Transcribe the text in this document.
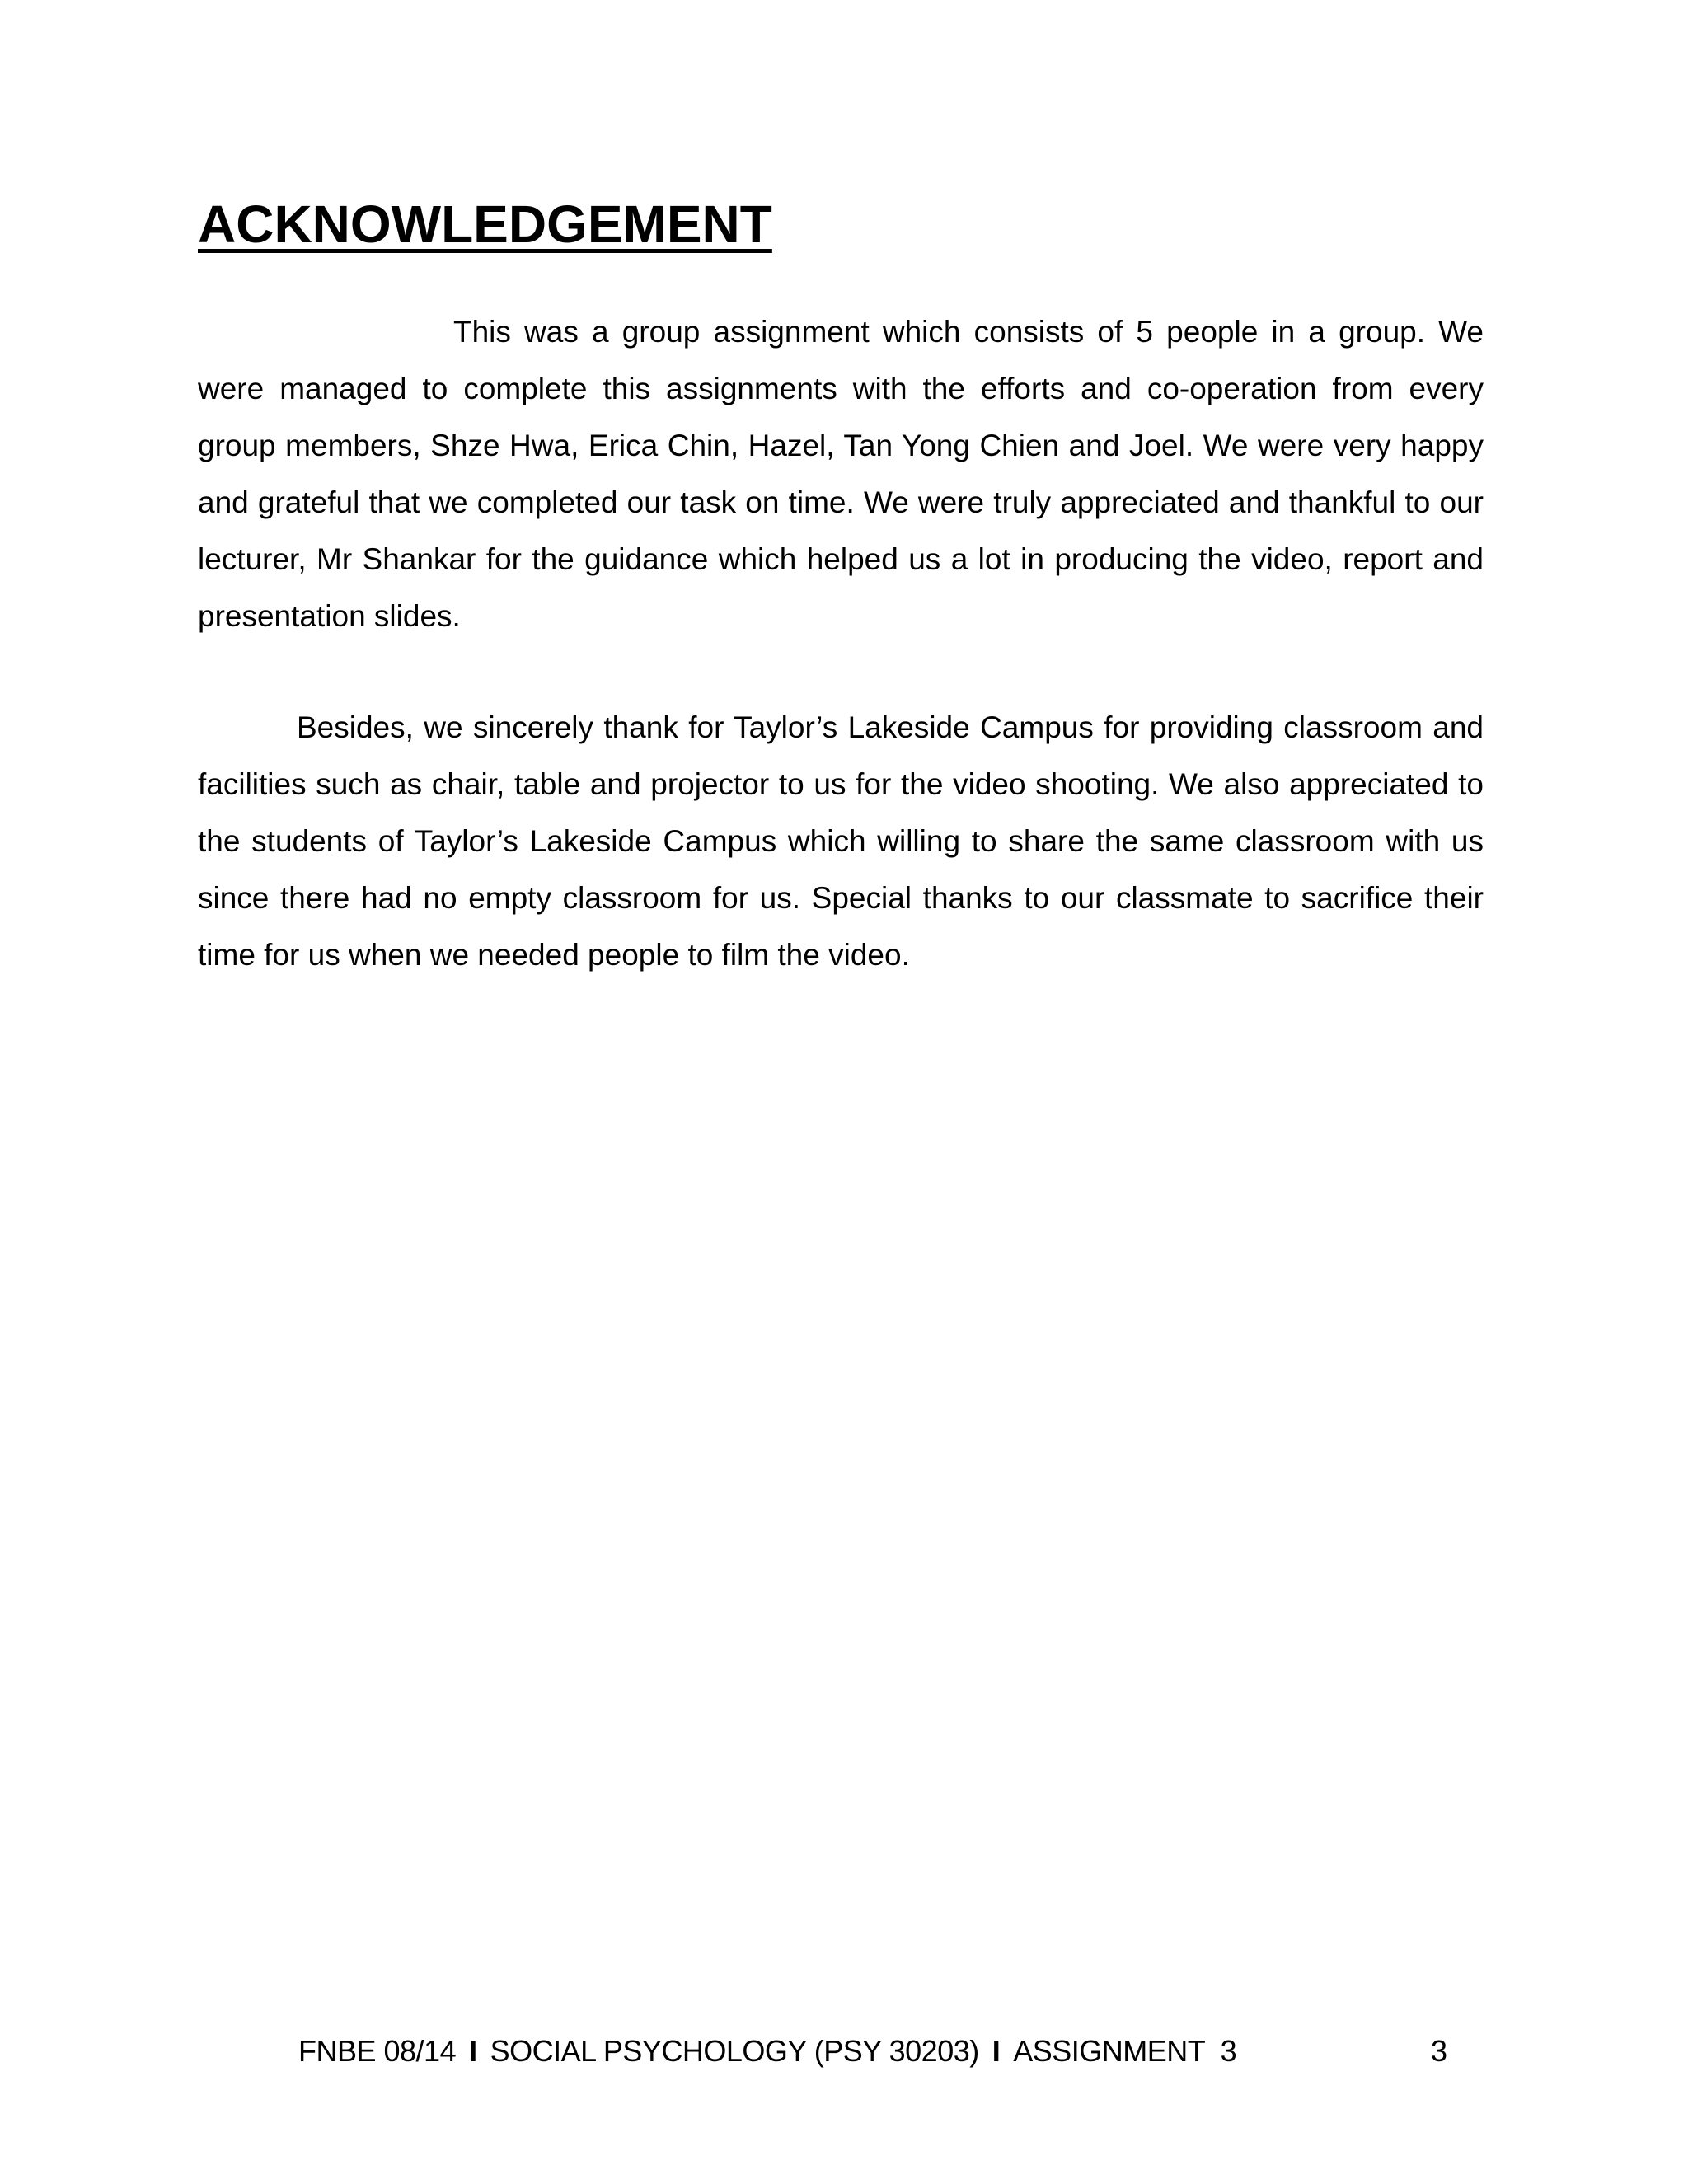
ACKNOWLEDGEMENT

This was a group assignment which consists of 5 people in a group. We were managed to complete this assignments with the efforts and co-operation from every group members, Shze Hwa, Erica Chin, Hazel, Tan Yong Chien and Joel. We were very happy and grateful that we completed our task on time. We were truly appreciated and thankful to our lecturer, Mr Shankar for the guidance which helped us a lot in producing the video, report and presentation slides.

Besides, we sincerely thank for Taylor’s Lakeside Campus for providing classroom and facilities such as chair, table and projector to us for the video shooting. We also appreciated to the students of Taylor’s Lakeside Campus which willing to share the same classroom with us since there had no empty classroom for us. Special thanks to our classmate to sacrifice their time for us when we needed people to film the video.

FNBE 08/14 I SOCIAL PSYCHOLOGY (PSY 30203) I ASSIGNMENT  3	3
